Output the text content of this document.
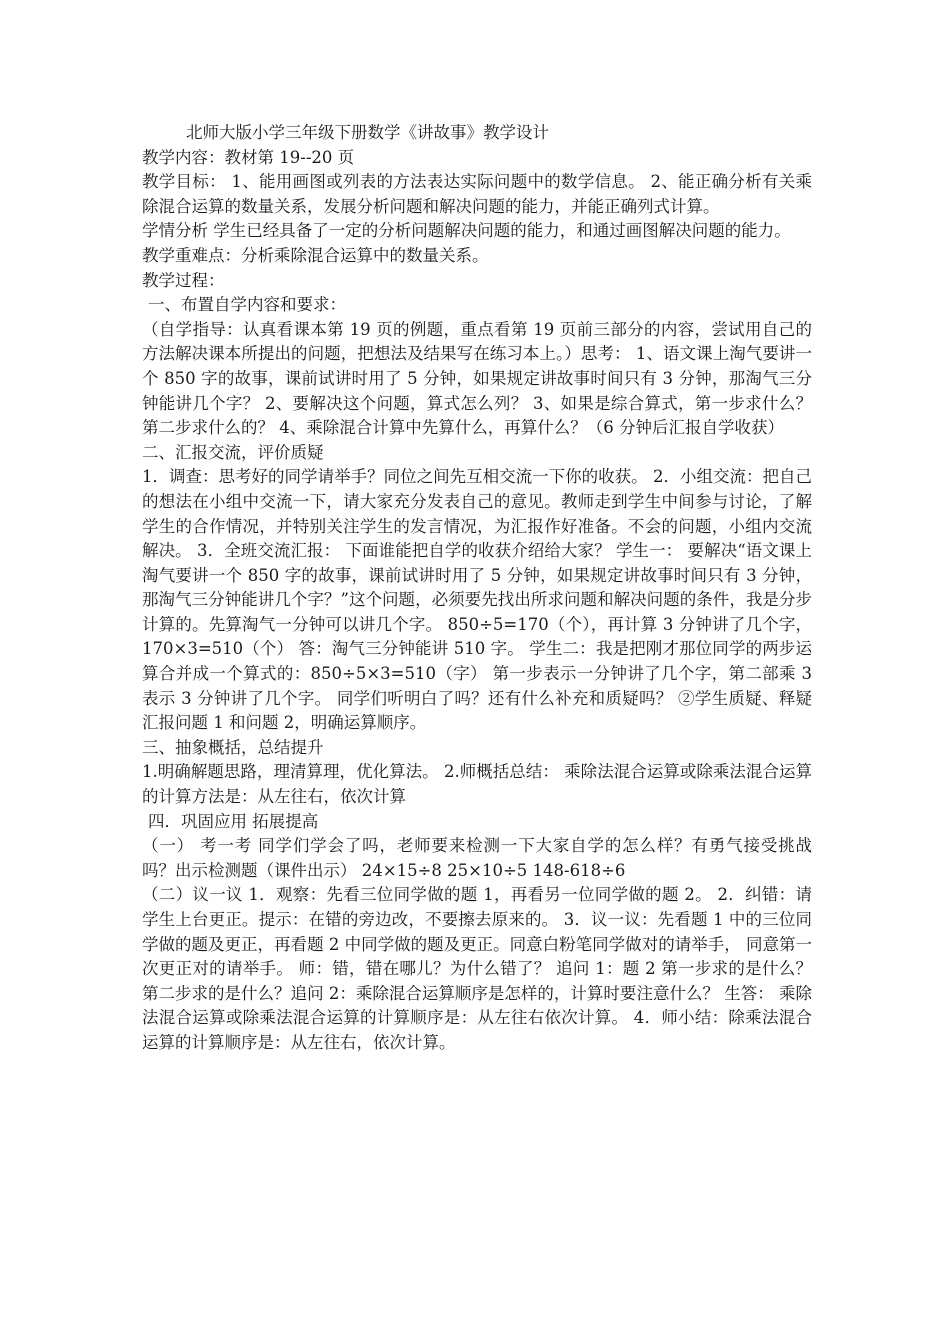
北师大版小学三年级下册数学《讲故事》教学设计

教学内容：教材第 19--20 页

教学目标： 1、能用画图或列表的方法表达实际问题中的数学信息。 2、能正确分析有关乘除混合运算的数量关系，发展分析问题和解决问题的能力，并能正确列式计算。

学情分析 学生已经具备了一定的分析问题解决问题的能力，和通过画图解决问题的能力。

教学重难点：分析乘除混合运算中的数量关系。

教学过程：

一、布置自学内容和要求：

（自学指导：认真看课本第 19 页的例题，重点看第 19 页前三部分的内容，尝试用自己的方法解决课本所提出的问题，把想法及结果写在练习本上。）思考： 1、语文课上淘气要讲一个 850 字的故事，课前试讲时用了 5 分钟，如果规定讲故事时间只有 3 分钟，那淘气三分钟能讲几个字？ 2、要解决这个问题，算式怎么列？ 3、如果是综合算式，第一步求什么？第二步求什么的？ 4、乘除混合计算中先算什么，再算什么？（6 分钟后汇报自学收获）

二、汇报交流，评价质疑

1．调查：思考好的同学请举手？同位之间先互相交流一下你的收获。 2．小组交流：把自己的想法在小组中交流一下，请大家充分发表自己的意见。教师走到学生中间参与讨论，了解学生的合作情况，并特别关注学生的发言情况，为汇报作好准备。不会的问题，小组内交流解决。 3．全班交流汇报： 下面谁能把自学的收获介绍给大家？ 学生一： 要解决“语文课上淘气要讲一个 850 字的故事，课前试讲时用了 5 分钟，如果规定讲故事时间只有 3 分钟，那淘气三分钟能讲几个字？”这个问题，必须要先找出所求问题和解决问题的条件，我是分步计算的。先算淘气一分钟可以讲几个字。 850÷5=170（个），再计算 3 分钟讲了几个字，170×3=510（个） 答：淘气三分钟能讲 510 字。 学生二：我是把刚才那位同学的两步运算合并成一个算式的：850÷5×3=510（字） 第一步表示一分钟讲了几个字，第二部乘 3 表示 3 分钟讲了几个字。 同学们听明白了吗？还有什么补充和质疑吗？ ②学生质疑、释疑 汇报问题 1 和问题 2，明确运算顺序。

三、抽象概括，总结提升

1.明确解题思路，理清算理，优化算法。 2.师概括总结： 乘除法混合运算或除乘法混合运算的计算方法是：从左往右，依次计算

四．巩固应用 拓展提高

（一） 考一考 同学们学会了吗，老师要来检测一下大家自学的怎么样？有勇气接受挑战吗？出示检测题（课件出示） 24×15÷8 25×10÷5 148-618÷6

（二）议一议 1．观察：先看三位同学做的题 1，再看另一位同学做的题 2。 2．纠错：请学生上台更正。提示：在错的旁边改，不要擦去原来的。 3．议一议：先看题 1 中的三位同学做的题及更正，再看题 2 中同学做的题及更正。同意白粉笔同学做对的请举手， 同意第一次更正对的请举手。 师：错，错在哪儿？为什么错了？ 追问 1：题 2 第一步求的是什么？第二步求的是什么？追问 2：乘除混合运算顺序是怎样的，计算时要注意什么？ 生答： 乘除法混合运算或除乘法混合运算的计算顺序是：从左往右依次计算。 4．师小结：除乘法混合运算的计算顺序是：从左往右，依次计算。
